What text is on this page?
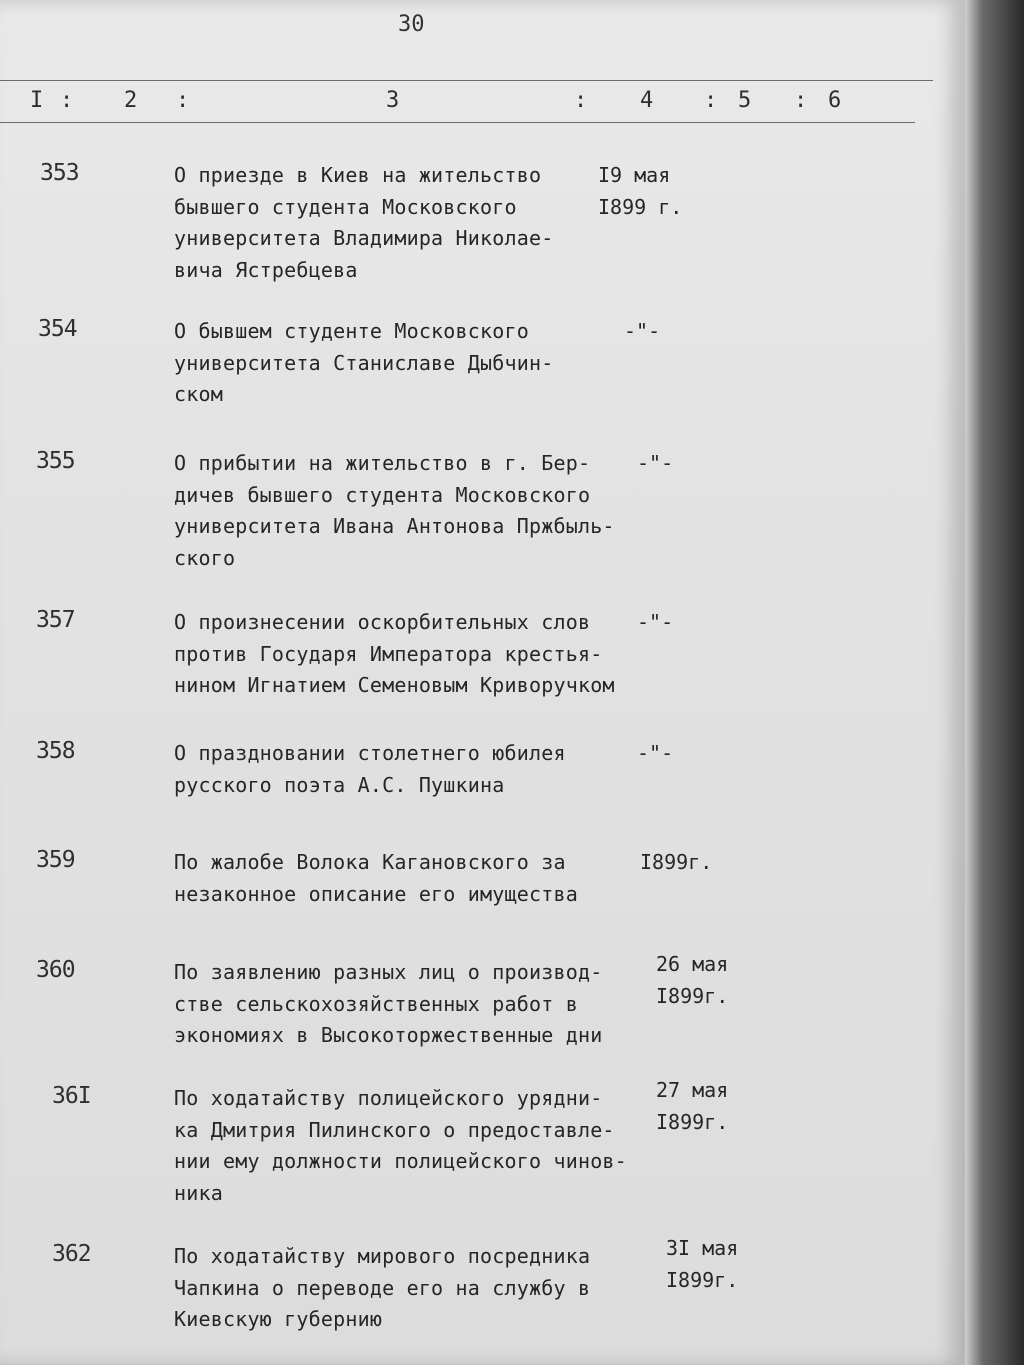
30
I : 2 :	3	: 4 : 5 : 6
353	О приезде в Киев на жительство
бывшего студента Московского
университета Владимира Николае-
вича Ястребцева
I9 мая
I899 г.
354	О бывшем студенте Московского
университета Станиславе Дыбчин-
ском
-"-
355	О прибытии на жительство в г. Бер-
дичев бывшего студента Московского
университета Ивана Антонова Пржбыль-
ского
-"-
357	О произнесении оскорбительных слов
против Государя Императора крестья-
нином Игнатием Семеновым Криворучком
-"-
358	О праздновании столетнего юбилея
русского поэта А.С. Пушкина
-"-
359	По жалобе Волока Кагановского за
незаконное описание его имущества
I899г.
360	По заявлению разных лиц о производ-
стве сельскохозяйственных работ в
экономиях в Высокоторжественные дни
26 мая
I899г.
36I	По ходатайству полицейского урядни-
ка Дмитрия Пилинского о предоставле-
нии ему должности полицейского чинов-
ника
27 мая
I899г.
362	По ходатайству мирового посредника
Чапкина о переводе его на службу в
Киевскую губернию
3I мая
I899г.
